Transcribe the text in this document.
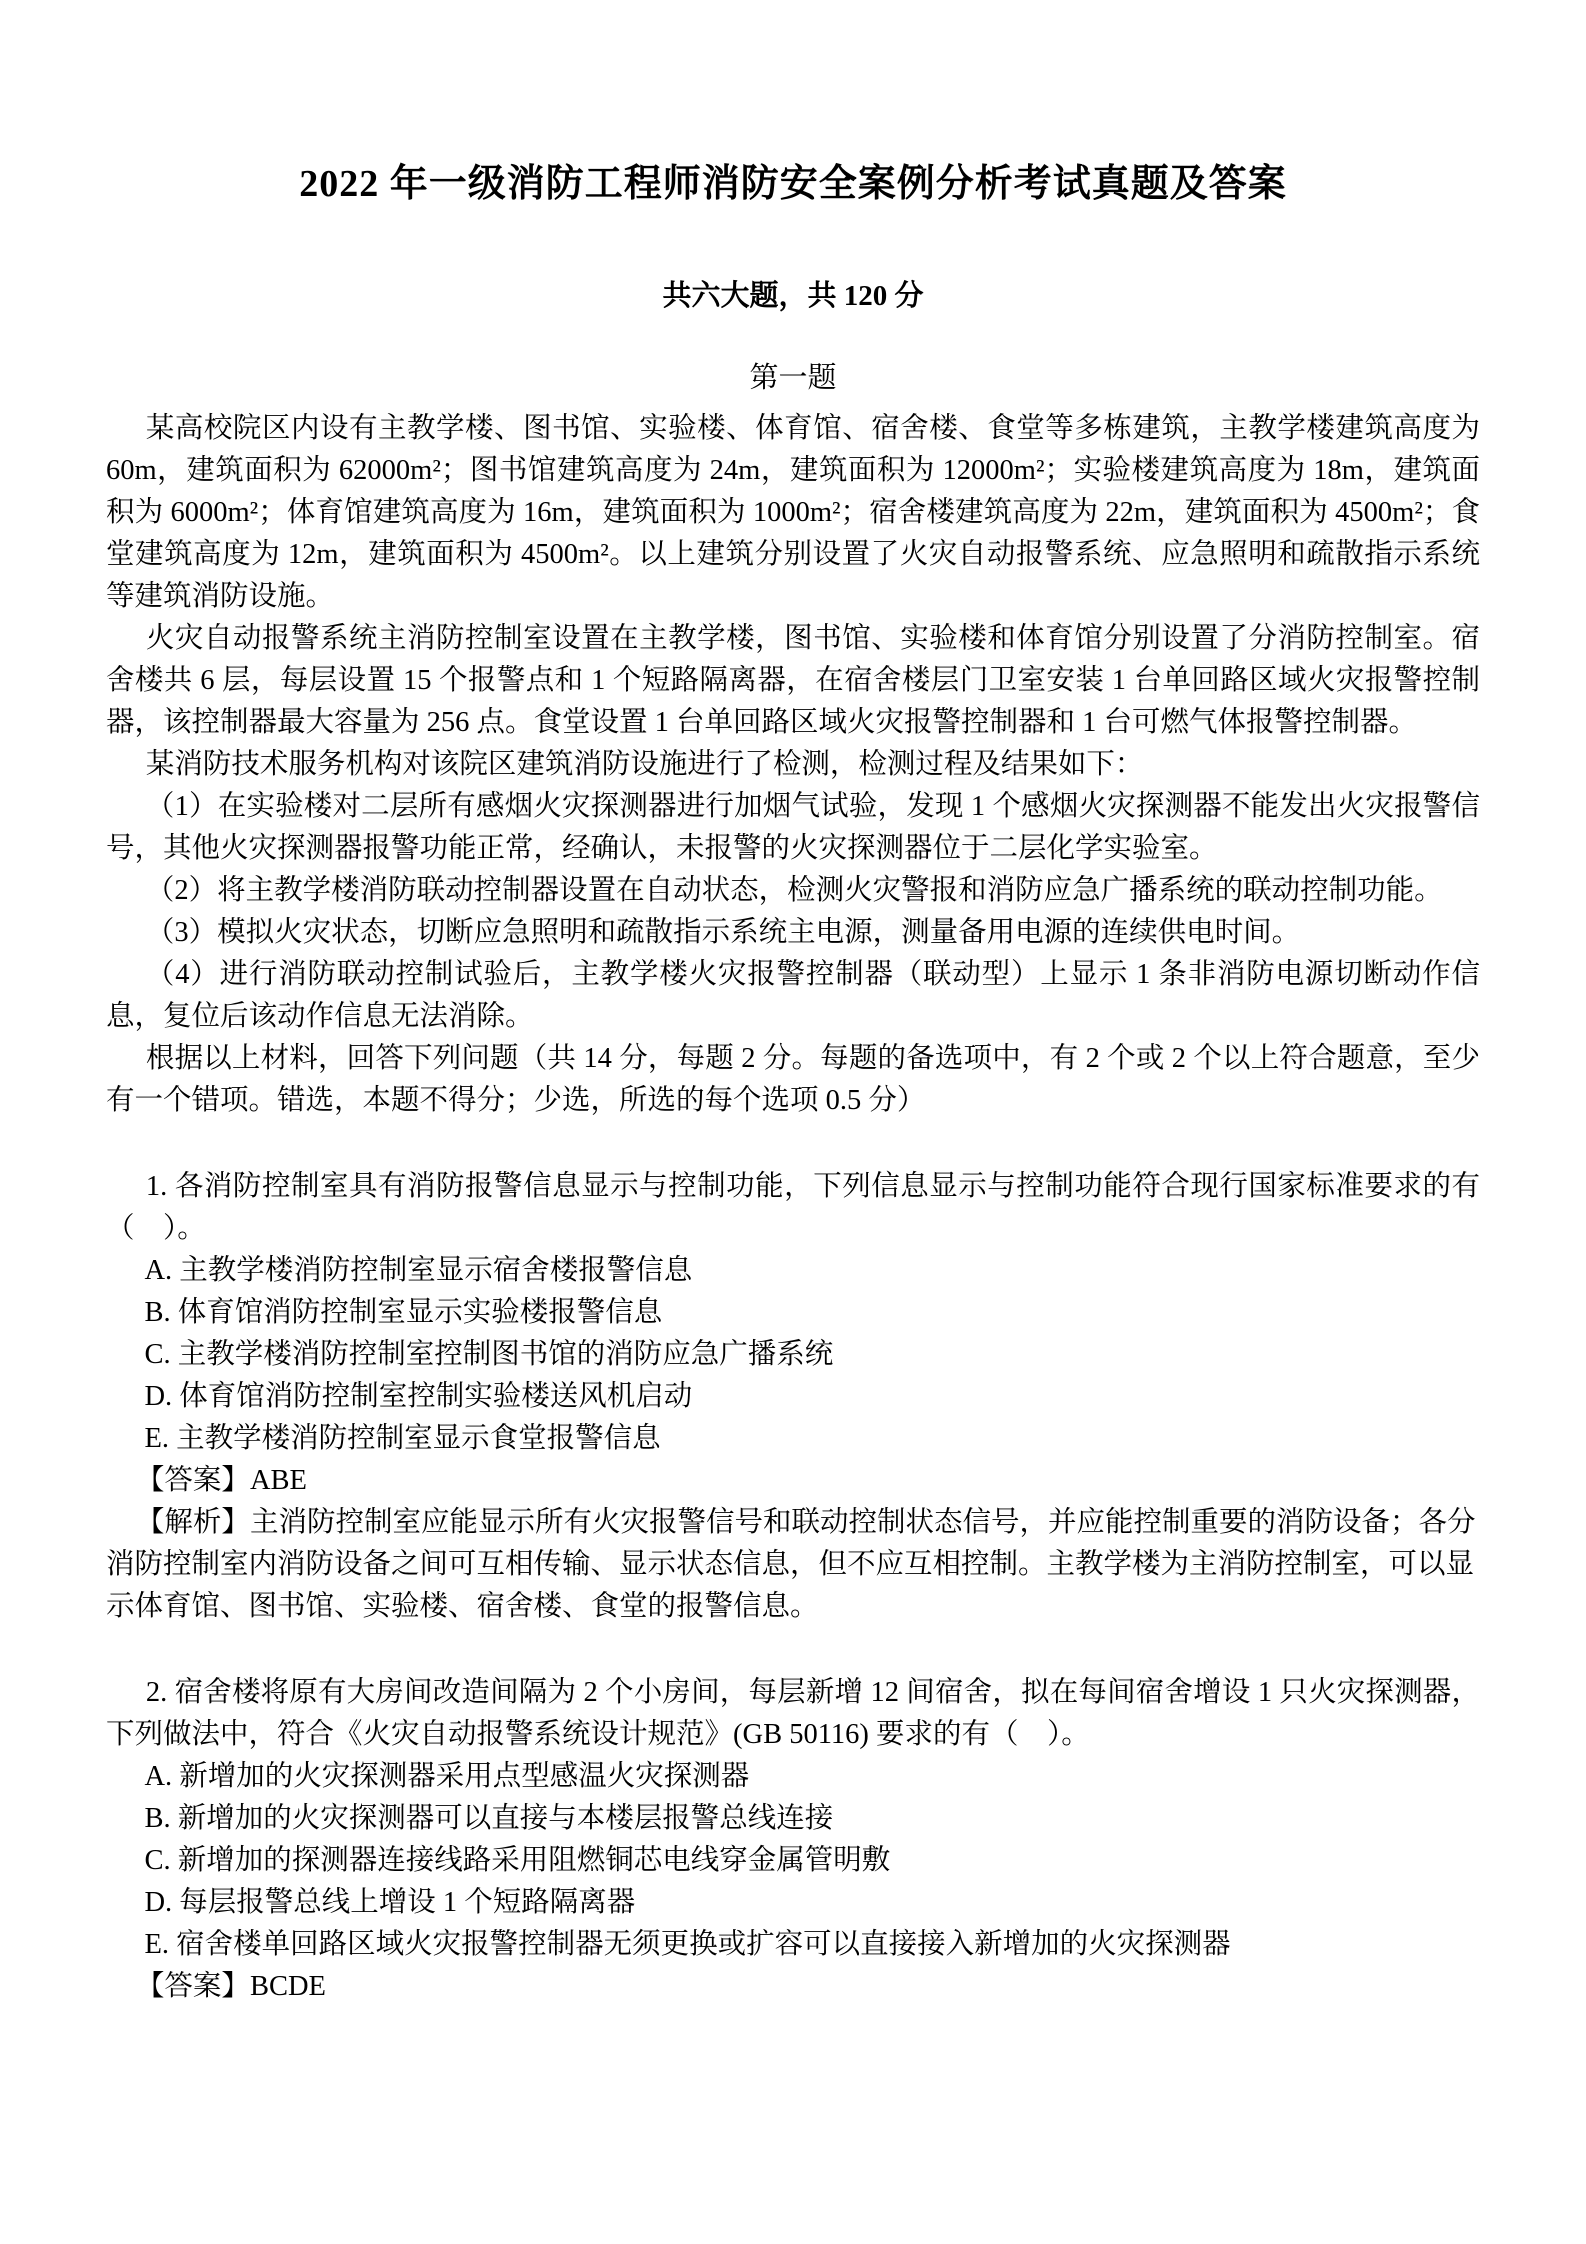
2022 年一级消防工程师消防安全案例分析考试真题及答案
共六大题，共 120 分
第一题

某高校院区内设有主教学楼、图书馆、实验楼、体育馆、宿舍楼、食堂等多栋建筑，主教学楼建筑高度为 60m，建筑面积为 62000m²；图书馆建筑高度为 24m，建筑面积为 12000m²；实验楼建筑高度为 18m，建筑面积为 6000m²；体育馆建筑高度为 16m，建筑面积为 1000m²；宿舍楼建筑高度为 22m，建筑面积为 4500m²；食堂建筑高度为 12m，建筑面积为 4500m²。以上建筑分别设置了火灾自动报警系统、应急照明和疏散指示系统等建筑消防设施。

火灾自动报警系统主消防控制室设置在主教学楼，图书馆、实验楼和体育馆分别设置了分消防控制室。宿舍楼共 6 层，每层设置 15 个报警点和 1 个短路隔离器，在宿舍楼层门卫室安装 1 台单回路区域火灾报警控制器，该控制器最大容量为 256 点。食堂设置 1 台单回路区域火灾报警控制器和 1 台可燃气体报警控制器。

某消防技术服务机构对该院区建筑消防设施进行了检测，检测过程及结果如下：

（1）在实验楼对二层所有感烟火灾探测器进行加烟气试验，发现 1 个感烟火灾探测器不能发出火灾报警信号，其他火灾探测器报警功能正常，经确认，未报警的火灾探测器位于二层化学实验室。

（2）将主教学楼消防联动控制器设置在自动状态，检测火灾警报和消防应急广播系统的联动控制功能。

（3）模拟火灾状态，切断应急照明和疏散指示系统主电源，测量备用电源的连续供电时间。

（4）进行消防联动控制试验后，主教学楼火灾报警控制器（联动型）上显示 1 条非消防电源切断动作信息，复位后该动作信息无法消除。

根据以上材料，回答下列问题（共 14 分，每题 2 分。每题的备选项中，有 2 个或 2 个以上符合题意，至少有一个错项。错选，本题不得分；少选，所选的每个选项 0.5 分）

1. 各消防控制室具有消防报警信息显示与控制功能，下列信息显示与控制功能符合现行国家标准要求的有（　）。

A. 主教学楼消防控制室显示宿舍楼报警信息

B. 体育馆消防控制室显示实验楼报警信息

C. 主教学楼消防控制室控制图书馆的消防应急广播系统

D. 体育馆消防控制室控制实验楼送风机启动

E. 主教学楼消防控制室显示食堂报警信息

【答案】ABE

【解析】主消防控制室应能显示所有火灾报警信号和联动控制状态信号，并应能控制重要的消防设备；各分消防控制室内消防设备之间可互相传输、显示状态信息，但不应互相控制。主教学楼为主消防控制室，可以显示体育馆、图书馆、实验楼、宿舍楼、食堂的报警信息。

2. 宿舍楼将原有大房间改造间隔为 2 个小房间，每层新增 12 间宿舍，拟在每间宿舍增设 1 只火灾探测器，下列做法中，符合《火灾自动报警系统设计规范》(GB 50116) 要求的有（　）。

A. 新增加的火灾探测器采用点型感温火灾探测器

B. 新增加的火灾探测器可以直接与本楼层报警总线连接

C. 新增加的探测器连接线路采用阻燃铜芯电线穿金属管明敷

D. 每层报警总线上增设 1 个短路隔离器

E. 宿舍楼单回路区域火灾报警控制器无须更换或扩容可以直接接入新增加的火灾探测器

【答案】BCDE
